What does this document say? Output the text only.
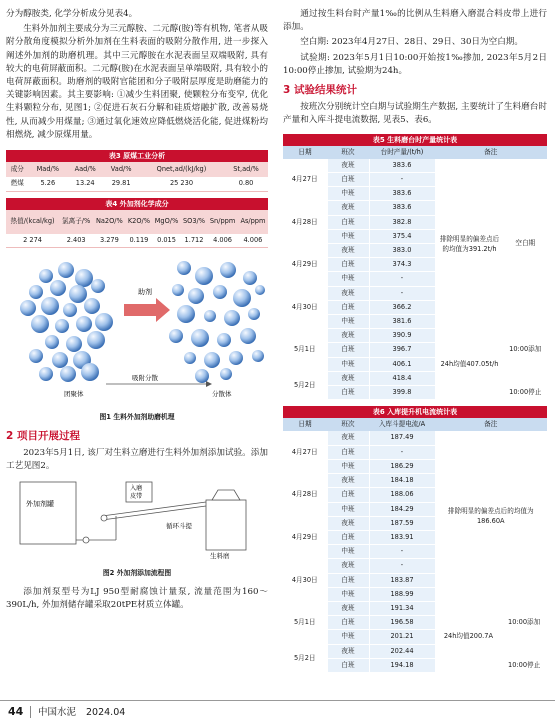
分为醇胺类, 化学分析成分见表4。

生料外加剂主要成分为三元醇胺、二元醇(胺)等有机物, 笔者从吸附分散角度模拟分析外加剂在生料表面的吸附分散作用, 进一步探入阐述外加剂的助磨机理。其中三元醇胺在水泥表面呈双端吸附, 具有较大的电荷屏蔽面积。二元醇(胺)在水泥表面呈单端吸附, 具有较小的电荷屏蔽面积。助磨剂的吸附官能团和分子吸附层厚度是助磨能力的关键影响因素。其主要影响: ①减少生料团聚, 使颗粒分布变窄, 优化生料颗粒分布, 见图1; ②促进石灰石分解和硅质熔融扩散, 改善易烧性, 从而减少用煤量; ③通过氧化速效应降低燃烧活化能, 促进煤粉均相燃烧, 减少原煤用量。

表3 原煤工业分析
成分	Mad/%	Aad/%	Vad/%	Qnet,ad/(kJ/kg)	St,ad/%
燃煤	5.26	13.24	29.81	25 230	0.80
表4 外加剂化学成分
热值/(kcal/kg)	氯离子/%	Na2O/%	K2O/%	MgO/%	SO3/%	Sn/ppm	As/ppm
2 274	2.403	3.279	0.119	0.015	1.712	4.006	4.006
助剂
团聚体
吸附分散
分散体
图1 生料外加剂助磨机理
2 项目开展过程

2023年5月1日, 该厂对生料立磨进行生料外加剂添加试验。添加工艺见图2。

外加剂罐
入磨皮带
循环斗提
生料磨
图2 外加剂添加流程图

添加剂泵型号为LJ 950型耐腐蚀计量泵, 流量范围为160～390L/h, 外加剂储存罐采取20tPE材质立体罐。

通过按生料台时产量1‰的比例从生料磨入磨混合料皮带上进行添加。

空白期: 2023年4月27日、28日、29日、30日为空白期。

试验期: 2023年5月1日10:00开始按1‰掺加, 2023年5月2日10:00停止掺加, 试验期为24h。

3 试验结果统计

按班次分别统计空白期与试验期生产数据, 主要统计了生料磨台时产量和入库斗提电流数据, 见表5、表6。

表5 生料磨台时产量统计表
日期	班次	台时产量/(t/h)	备注	
4月27日	夜班	383.6	排除明显的偏差点后的均值为391.2t/h	空白期
	白班	-		
	中班	383.6		
4月28日	夜班	383.6		
	白班	382.8		
	中班	375.4		
4月29日	夜班	383.0		
	白班	374.3		
	中班	-		
4月30日	夜班	-		
	白班	366.2		
	中班	381.6		
5月1日	夜班	390.9		
	白班	396.7	24h均值407.05t/h	10:00添加
	中班	406.1		
5月2日	夜班	418.4		
	白班	399.8		10:00停止
表6 入库提升机电流统计表
日期	班次	入库斗提电流/A	备注	
4月27日	夜班	187.49	排除明显的偏差点后的均值为186.60A	
	白班	-		
	中班	186.29		
4月28日	夜班	184.18		
	白班	188.06		
	中班	184.29		
4月29日	夜班	187.59		
	白班	183.91		
	中班	-		
4月30日	夜班	-		
	白班	183.87		
	中班	188.99		
5月1日	夜班	191.34		
	白班	196.58	24h均值200.7A	10:00添加
	中班	201.21		
5月2日	夜班	202.44		
	白班	194.18		10:00停止
44 中国水泥 2024.04
